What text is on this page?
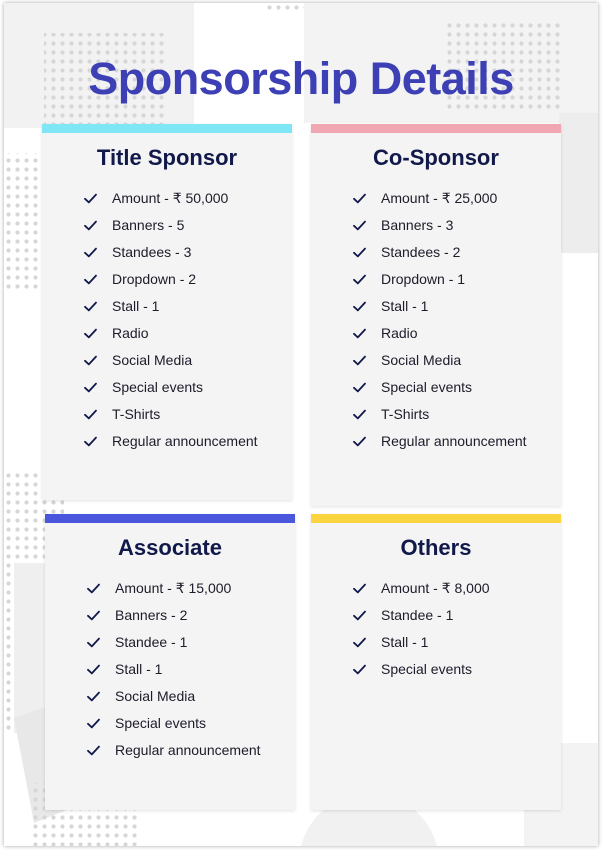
Sponsorship Details
Title Sponsor
Amount - ₹ 50,000
Banners - 5
Standees - 3
Dropdown - 2
Stall - 1
Radio
Social Media
Special events
T-Shirts
Regular announcement
Co-Sponsor
Amount - ₹ 25,000
Banners - 3
Standees - 2
Dropdown - 1
Stall - 1
Radio
Social Media
Special events
T-Shirts
Regular announcement
Associate
Amount - ₹ 15,000
Banners - 2
Standee - 1
Stall - 1
Social Media
Special events
Regular announcement
Others
Amount - ₹ 8,000
Standee - 1
Stall - 1
Special events
